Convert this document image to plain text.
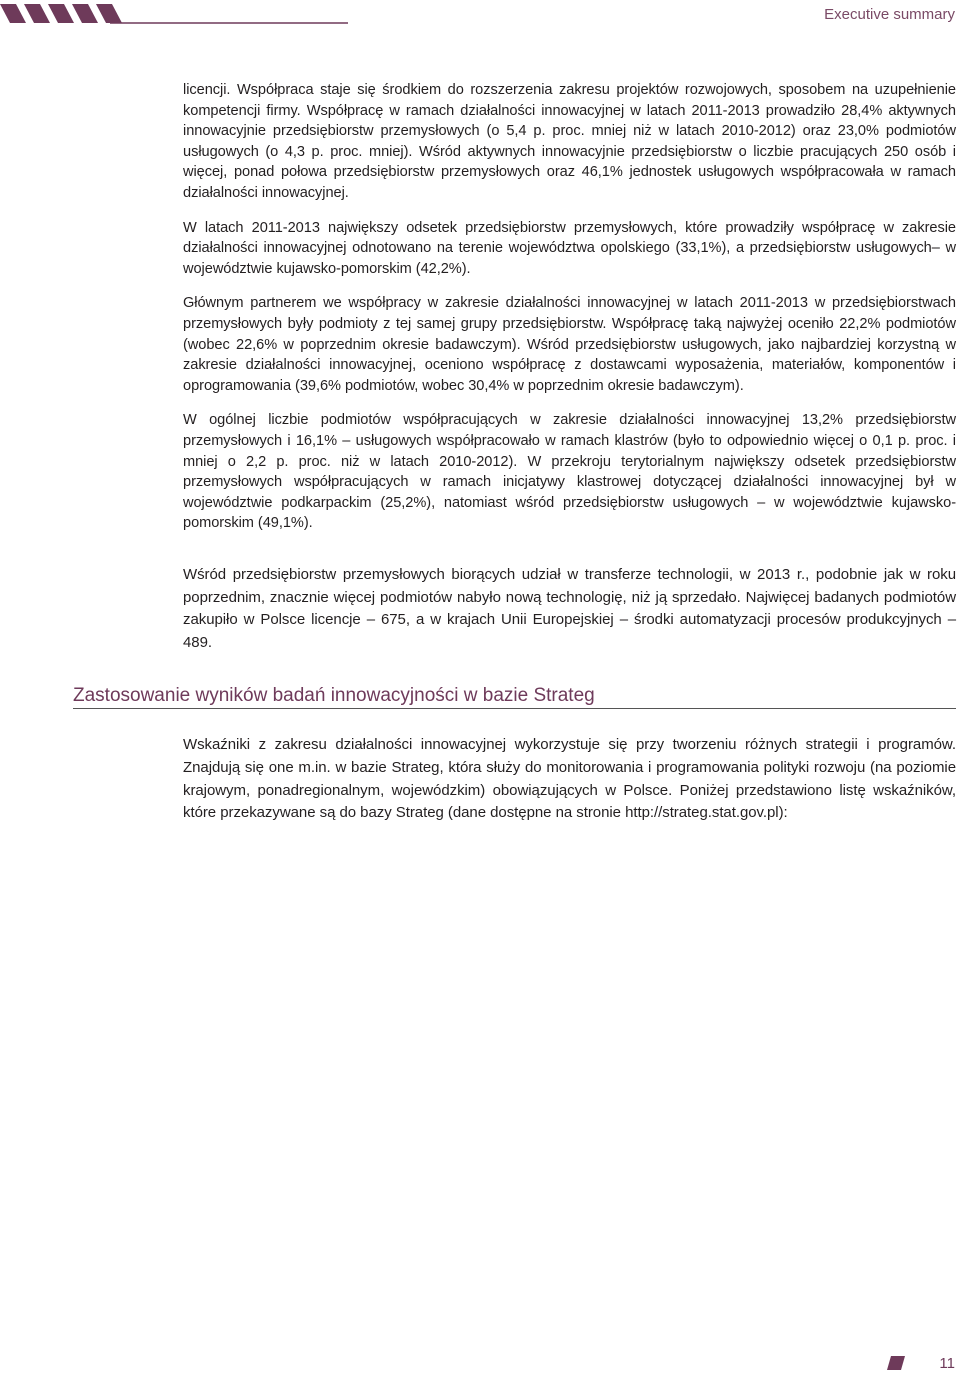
Executive summary

licencji. Współpraca staje się środkiem do rozszerzenia zakresu projektów rozwojowych, sposobem na uzupełnienie kompetencji firmy. Współpracę w ramach działalności innowacyjnej w latach 2011-2013 prowadziło 28,4% aktywnych innowacyjnie przedsiębiorstw przemysłowych (o 5,4 p. proc. mniej niż w latach 2010-2012) oraz 23,0% podmiotów usługowych (o 4,3 p. proc. mniej). Wśród aktywnych innowacyjnie przedsiębiorstw o liczbie pracujących 250 osób i więcej, ponad połowa przedsiębiorstw przemysłowych oraz 46,1% jednostek usługowych współpracowała w ramach działalności innowacyjnej.

W latach 2011-2013 największy odsetek przedsiębiorstw przemysłowych, które prowadziły współpracę w zakresie działalności innowacyjnej odnotowano na terenie województwa opolskiego (33,1%), a przedsiębiorstw usługowych– w województwie kujawsko-pomorskim (42,2%).

Głównym partnerem we współpracy w zakresie działalności innowacyjnej w latach 2011-2013 w przedsiębiorstwach przemysłowych były podmioty z tej samej grupy przedsiębiorstw. Współpracę taką najwyżej oceniło 22,2% podmiotów (wobec 22,6% w poprzednim okresie badawczym). Wśród przedsiębiorstw usługowych, jako najbardziej korzystną w zakresie działalności innowacyjnej, oceniono współpracę z dostawcami wyposażenia, materiałów, komponentów i oprogramowania (39,6% podmiotów, wobec 30,4% w poprzednim okresie badawczym).

W ogólnej liczbie podmiotów współpracujących w zakresie działalności innowacyjnej 13,2% przedsiębiorstw przemysłowych i 16,1% – usługowych współpracowało w ramach klastrów (było to odpowiednio więcej o 0,1 p. proc. i mniej o 2,2 p. proc. niż w latach 2010-2012). W przekroju terytorialnym największy odsetek przedsiębiorstw przemysłowych współpracujących w ramach inicjatywy klastrowej dotyczącej działalności innowacyjnej był w województwie podkarpackim (25,2%), natomiast wśród przedsiębiorstw usługowych – w województwie kujawsko-pomorskim (49,1%).

Wśród przedsiębiorstw przemysłowych biorących udział w transferze technologii, w 2013 r., podobnie jak w roku poprzednim, znacznie więcej podmiotów nabyło nową technologię, niż ją sprzedało. Najwięcej badanych podmiotów zakupiło w Polsce licencje – 675, a w krajach Unii Europejskiej – środki automatyzacji procesów produkcyjnych – 489.

Zastosowanie wyników badań innowacyjności w bazie Strateg

Wskaźniki z zakresu działalności innowacyjnej wykorzystuje się przy tworzeniu różnych strategii i programów. Znajdują się one m.in. w bazie Strateg, która służy do monitorowania i programowania polityki rozwoju (na poziomie krajowym, ponadregionalnym, wojewódzkim) obowiązujących w Polsce. Poniżej przedstawiono listę wskaźników, które przekazywane są do bazy Strateg (dane dostępne na stronie http://strateg.stat.gov.pl):

11
